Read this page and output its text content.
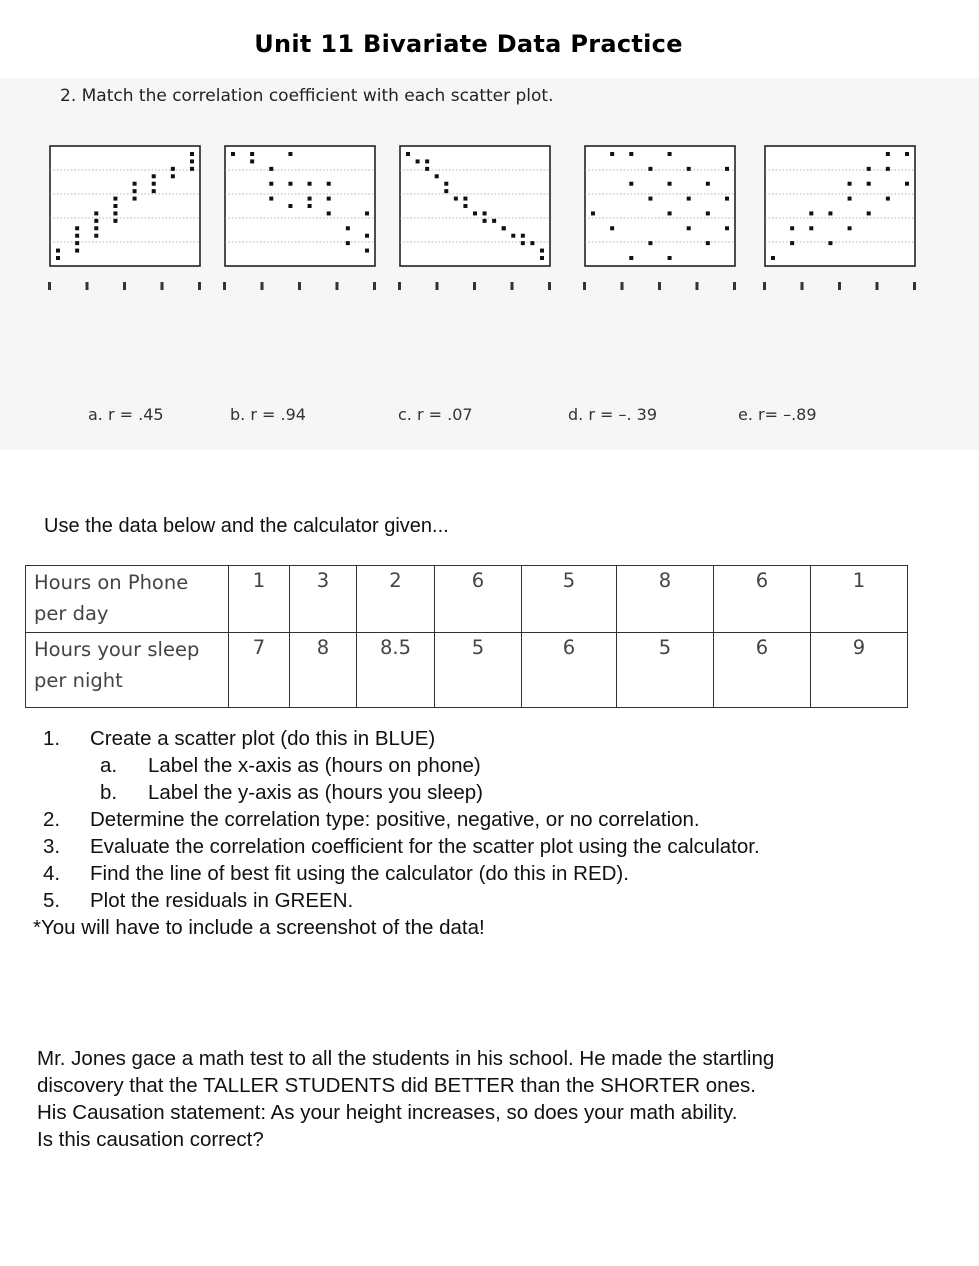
Unit 11 Bivariate Data Practice
2. Match the correlation coefficient with each scatter plot.
a. r = .45	b. r = .94	c. r = .07	d. r = –. 39	e. r= –.89
Use the data below and the calculator given...
Hours on Phone
per day	1	3	2	6	5	8	6	1

Hours your sleep
per night	7	8	8.5	5	6	5	6	9
1. Create a scatter plot (do this in BLUE)
a. Label the x-axis as (hours on phone)
b. Label the y-axis as (hours you sleep)
2. Determine the correlation type: positive, negative, or no correlation.
3. Evaluate the correlation coefficient for the scatter plot using the calculator.
4. Find the line of best fit using the calculator (do this in RED).
5. Plot the residuals in GREEN.
*You will have to include a screenshot of the data!
Mr. Jones gace a math test to all the students in his school. He made the startling
discovery that the TALLER STUDENTS did BETTER than the SHORTER ones.
His Causation statement: As your height increases, so does your math ability.
Is this causation correct?
